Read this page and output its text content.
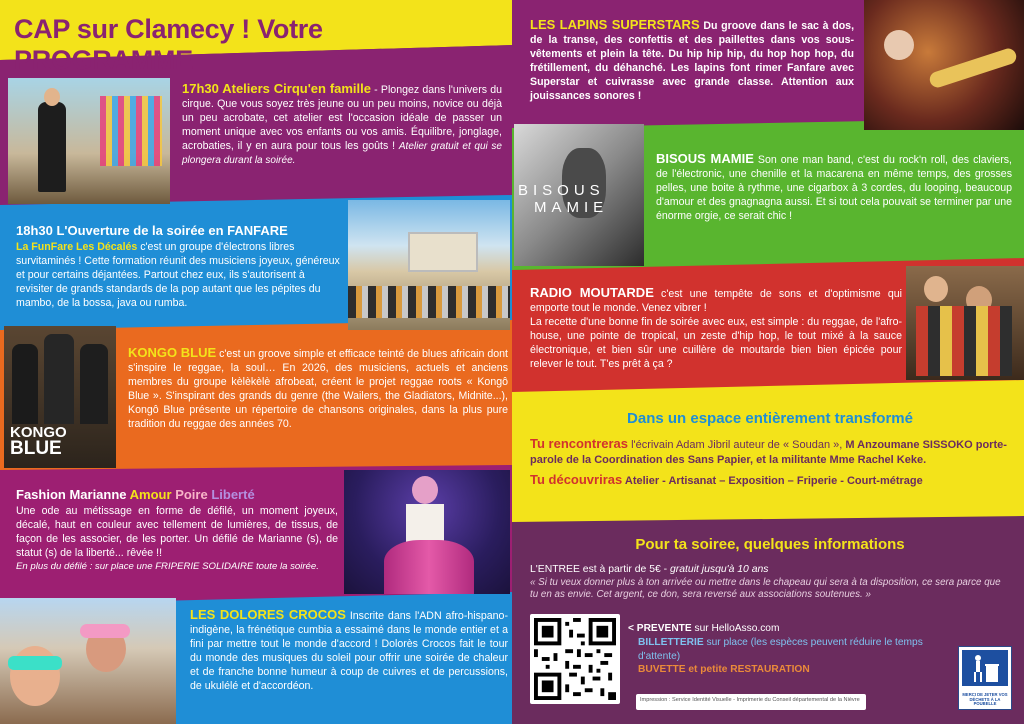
CAP sur Clamecy ! Votre PROGRAMME
17h30 Ateliers Cirqu'en famille - Plongez dans l'univers du cirque. Que vous soyez très jeune ou un peu moins, novice ou déjà un peu acrobate, cet atelier est l'occasion idéale de passer un moment unique avec vos enfants ou vos amis. Équilibre, jonglage, acrobaties, il y en aura pour tous les goûts ! Atelier gratuit et qui se plongera durant la soirée.
18h30 L'Ouverture de la soirée en FANFARE
La FunFare Les Décalés c'est un groupe d'électrons libres survitaminés ! Cette formation réunit des musiciens joyeux, généreux et pour certains déjantées. Partout chez eux, ils s'autorisent à revisiter de grands standards de la pop autant que les pépites du mambo, de la bossa, java ou rumba.
KONGO
BLUE
KONGO BLUE c'est un groove simple et efficace teinté de blues africain dont s'inspire le reggae, la soul… En 2026, des musiciens, actuels et anciens membres du groupe kèlèkèlè afrobeat, créent le projet reggae roots « Kongô Blue ». S'inspirant des grands du genre (the Wailers, the Gladiators, Midnite...), Kongô Blue présente un répertoire de chansons originales, dans la plus pure tradition du reggae des années 70.
Fashion Marianne Amour Poire Liberté
Une ode au métissage en forme de défilé, un moment joyeux, décalé, haut en couleur avec tellement de lumières, de tissus, de façon de les associer, de les porter. Un défilé de Marianne (s), de statut (s) de la liberté... rêvée !!
En plus du défilé : sur place une FRIPERIE SOLIDAIRE toute la soirée.
LES DOLORES CROCOS Inscrite dans l'ADN afro-hispano-indigène, la frénétique cumbia a essaimé dans le monde entier et a fini par mettre tout le monde d'accord ! Dolorès Crocos fait le tour du monde des musiques du soleil pour offrir une soirée de chaleur et de franche bonne humeur à coup de cuivres et de percussions, de ukulélé et d'accordéon.
LES LAPINS SUPERSTARS Du groove dans le sac à dos, de la transe, des confettis et des paillettes dans vos sous-vêtements et plein la tête. Du hip hip hip, du hop hop hop, du frétillement, du déhanché. Les lapins font rimer Fanfare avec Superstar et cuivrasse avec grande classe. Attention aux jouissances sonores !
BISOUS
MAMIE
BISOUS MAMIE Son one man band, c'est du rock'n roll, des claviers, de l'électronic, une chenille et la macarena en même temps, des grosses pelles, une boite à rythme, une cigarbox à 3 cordes, du looping, beaucoup d'amour et des gnagnagna aussi. Et si tout cela pouvait se terminer par une énorme orgie, ce serait chic !
RADIO MOUTARDE c'est une tempête de sons et d'optimisme qui emporte tout le monde. Venez vibrer !
La recette d'une bonne fin de soirée avec eux, est simple : du reggae, de l'afro-house, une pointe de tropical, un zeste d'hip hop, le tout mixé à la sauce électronique, et bien sûr une cuillère de moutarde bien bien épicée pour relever le tout. T'es prêt à ça ?
Dans un espace entièrement transformé
Tu rencontreras l'écrivain Adam Jibril auteur de « Soudan », M Anzoumane SISSOKO porte-parole de la Coordination des Sans Papier, et la militante Mme Rachel Keke.
Tu découvriras Atelier - Artisanat – Exposition – Friperie - Court-métrage
Pour ta soiree, quelques informations
L'ENTREE est à partir de 5€ - gratuit jusqu'à 10 ans
« Si tu veux donner plus à ton arrivée ou mettre dans le chapeau qui sera à ta disposition, ce sera parce que tu en as envie. Cet argent, ce don, sera reversé aux associations soutenues. »
< PREVENTE sur HelloAsso.com
BILLETTERIE sur place (les espèces peuvent réduire le temps d'attente)
BUVETTE et petite RESTAURATION
Impression : Service Identité Visuelle - Imprimerie du Conseil départemental de la Nièvre
MERCI DE JETER VOS DÉCHETS À LA POUBELLE
